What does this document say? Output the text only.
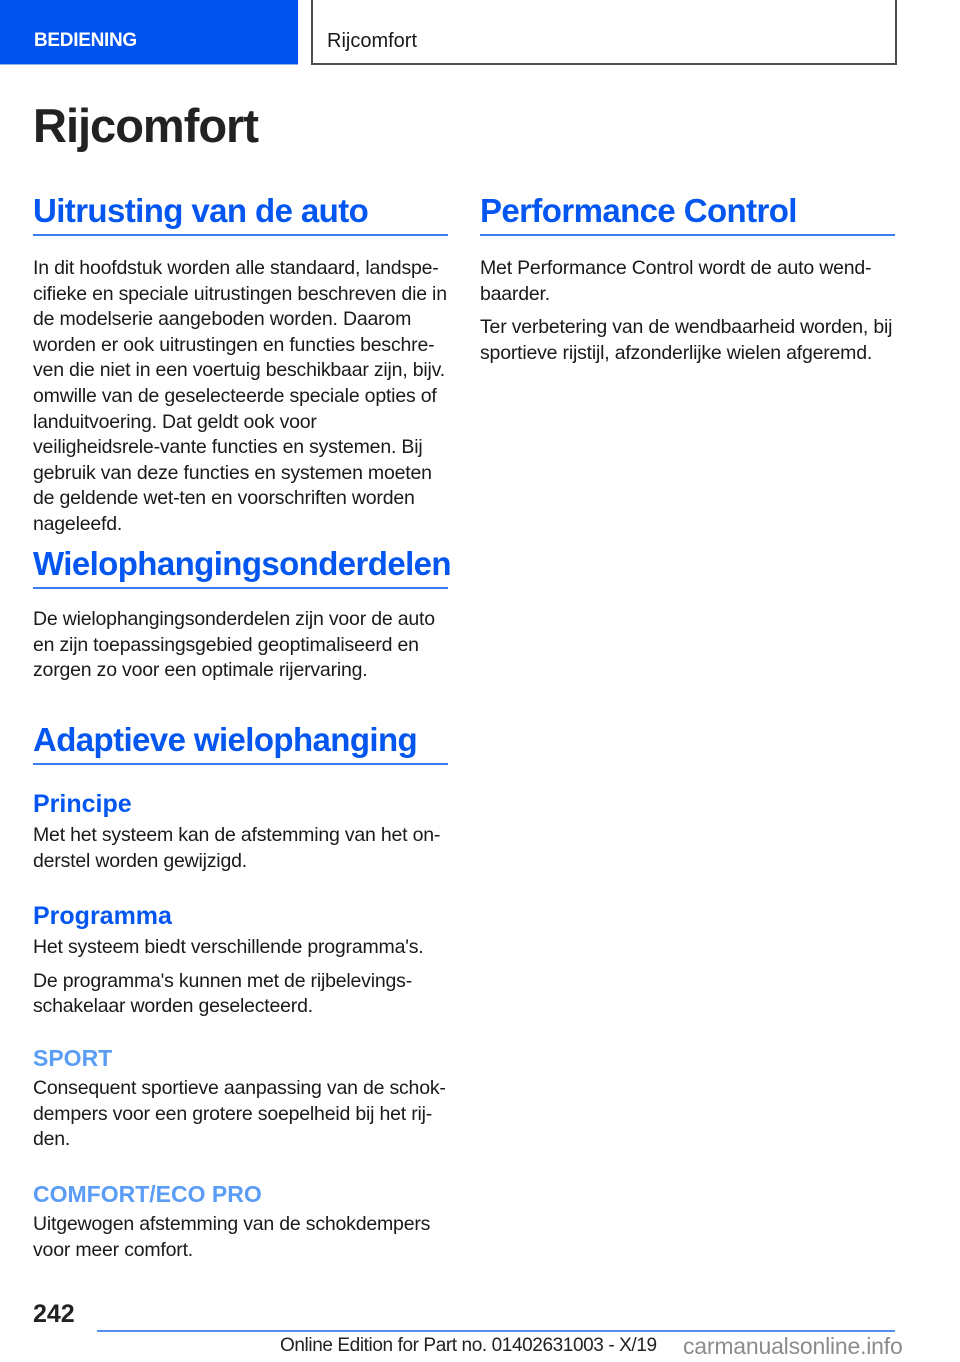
BEDIENING	Rijcomfort
Rijcomfort
Uitrusting van de auto

In dit hoofdstuk worden alle standaard, landspe-cifieke en speciale uitrustingen beschreven die in de modelserie aangeboden worden. Daarom worden er ook uitrustingen en functies beschre-ven die niet in een voertuig beschikbaar zijn, bijv. omwille van de geselecteerde speciale opties of landuitvoering. Dat geldt ook voor veiligheidsrele-vante functies en systemen. Bij gebruik van deze functies en systemen moeten de geldende wet-ten en voorschriften worden nageleefd.

Wielophangingsonderdelen

De wielophangingsonderdelen zijn voor de auto en zijn toepassingsgebied geoptimaliseerd en zorgen zo voor een optimale rijervaring.

Adaptieve wielophanging
Principe

Met het systeem kan de afstemming van het on-derstel worden gewijzigd.

Programma

Het systeem biedt verschillende programma's.

De programma's kunnen met de rijbelevings-schakelaar worden geselecteerd.

SPORT

Consequent sportieve aanpassing van de schok-dempers voor een grotere soepelheid bij het rij-den.

COMFORT/ECO PRO

Uitgewogen afstemming van de schokdempers voor meer comfort.

Performance Control

Met Performance Control wordt de auto wend-baarder.

Ter verbetering van de wendbaarheid worden, bij sportieve rijstijl, afzonderlijke wielen afgeremd.

242
Online Edition for Part no. 01402631003 - X/19 carmanualsonline.info
